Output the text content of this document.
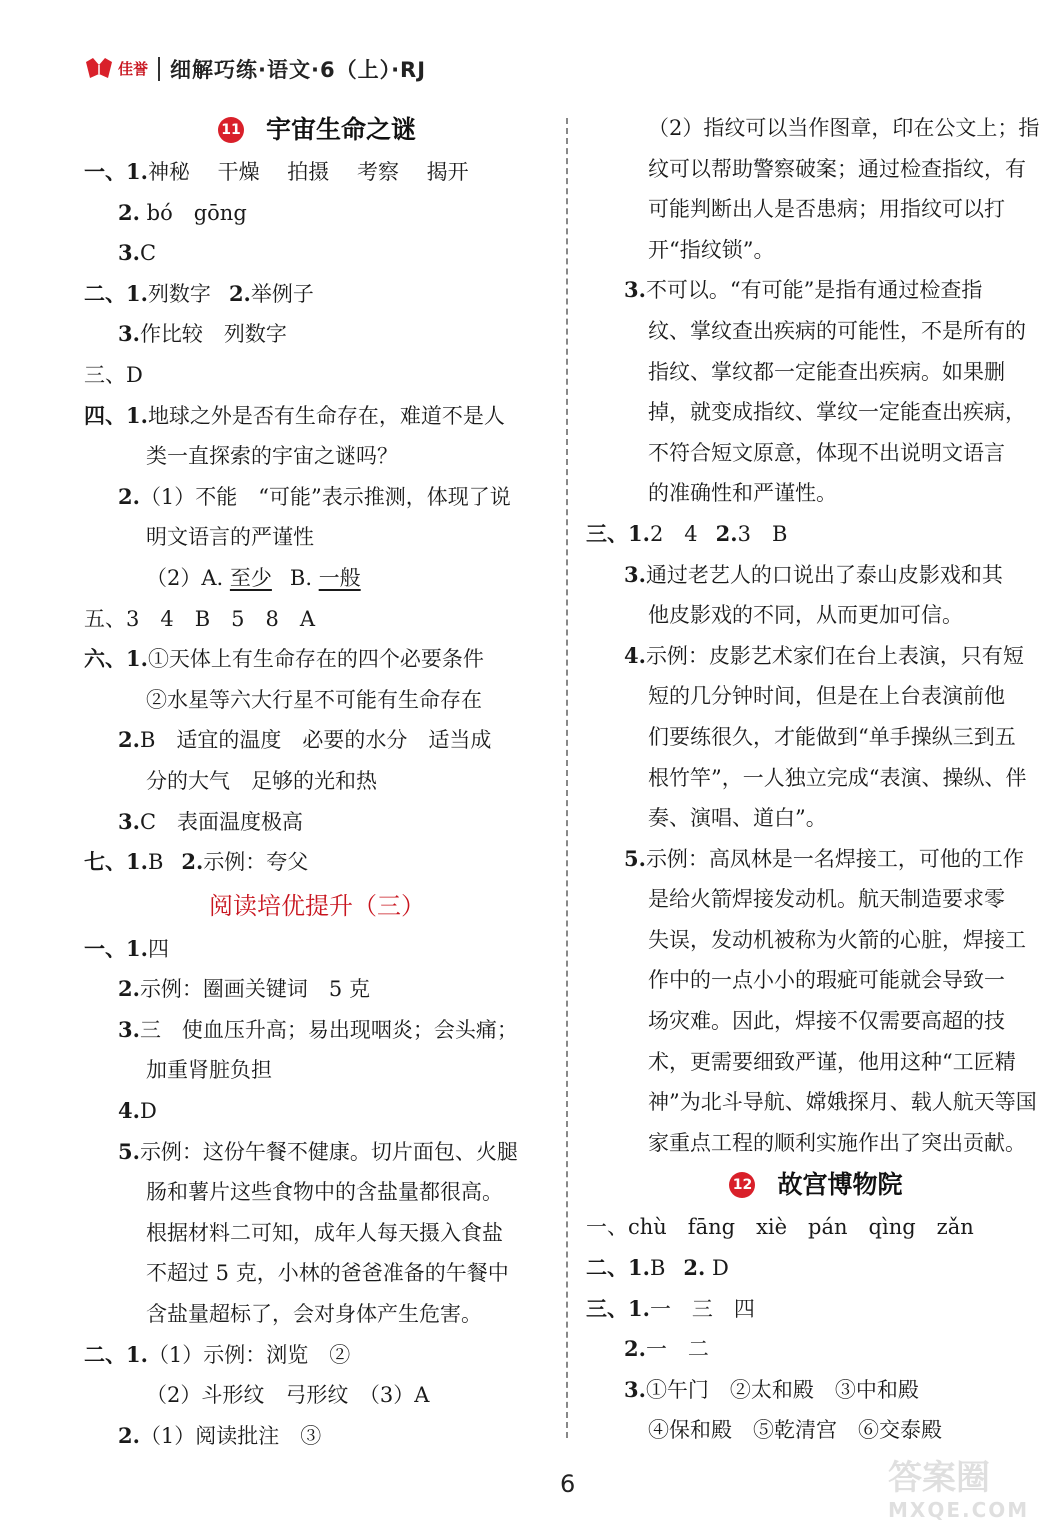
佳誉 细解巧练·语文·6（上）·RJ
11 宇宙生命之谜
一、1.神秘　 干燥　 拍摄　 考察　 揭开
2. bó　gōng
3.C
二、1.列数字 2.举例子
3.作比较　列数字
三、D
四、1.地球之外是否有生命存在，难道不是人
类一直探索的宇宙之谜吗？
2.（1）不能　“可能”表示推测，体现了说
明文语言的严谨性
（2）A. 至少 B. 一般
五、3　4　B　5　8　A
六、1.①天体上有生命存在的四个必要条件
②水星等六大行星不可能有生命存在
2.B　适宜的温度　必要的水分　适当成
分的大气　足够的光和热
3.C　表面温度极高
七、1.B 2.示例：夸父
阅读培优提升（三）
一、1.四
2.示例：圈画关键词　5 克
3.三　使血压升高；易出现咽炎；会头痛；
加重肾脏负担
4.D
5.示例：这份午餐不健康。切片面包、火腿
肠和薯片这些食物中的含盐量都很高。
根据材料二可知，成年人每天摄入食盐
不超过 5 克，小林的爸爸准备的午餐中
含盐量超标了，会对身体产生危害。
二、1.（1）示例：浏览　②
（2）斗形纹　弓形纹　（3）A
2.（1）阅读批注　③
（2）指纹可以当作图章，印在公文上；指
纹可以帮助警察破案；通过检查指纹，有
可能判断出人是否患病；用指纹可以打
开“指纹锁”。
3.不可以。“有可能”是指有通过检查指
纹、掌纹查出疾病的可能性，不是所有的
指纹、掌纹都一定能查出疾病。如果删
掉，就变成指纹、掌纹一定能查出疾病，
不符合短文原意，体现不出说明文语言
的准确性和严谨性。
三、1.2　4 2.3　B
3.通过老艺人的口说出了泰山皮影戏和其
他皮影戏的不同，从而更加可信。
4.示例：皮影艺术家们在台上表演，只有短
短的几分钟时间，但是在上台表演前他
们要练很久，才能做到“单手操纵三到五
根竹竿”，一人独立完成“表演、操纵、伴
奏、演唱、道白”。
5.示例：高凤林是一名焊接工，可他的工作
是给火箭焊接发动机。航天制造要求零
失误，发动机被称为火箭的心脏，焊接工
作中的一点小小的瑕疵可能就会导致一
场灾难。因此，焊接不仅需要高超的技
术，更需要细致严谨，他用这种“工匠精
神”为北斗导航、嫦娥探月、载人航天等国
家重点工程的顺利实施作出了突出贡献。
12 故宫博物院
一、chù　fāng　xiè　pán　qìng　zǎn
二、1.B 2. D
三、1.一　三　四
2.一　二
3.①午门　②太和殿　③中和殿
④保和殿　⑤乾清宫　⑥交泰殿
6	答案圈
MXQE.COM
